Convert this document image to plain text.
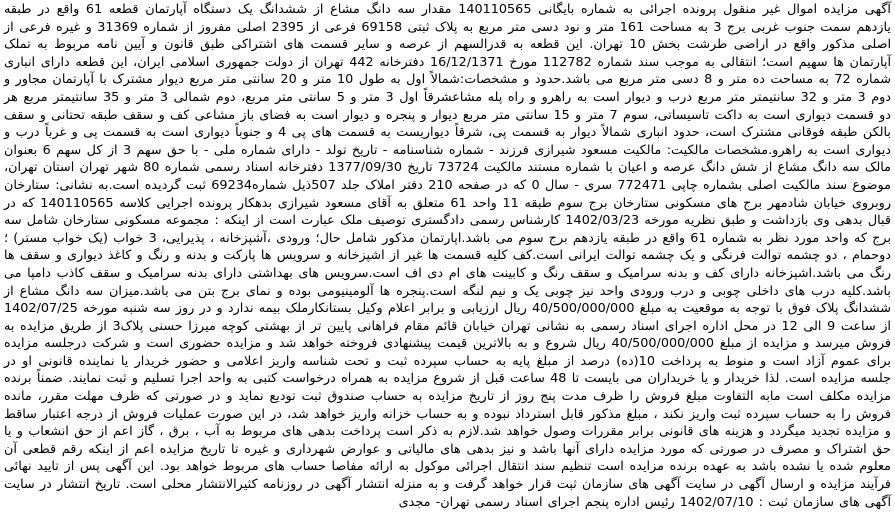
آگهی مزایده اموال غیر منقول پرونده اجرائی به شماره بایگانی 140110565 مقدار سه دانگ مشاع از ششدانگ یک دستگاه آپارتمان قطعه 61 واقع در طبقه یازدهم سمت جنوب غربی برج 3 به مساحت 161 متر و نود دسی متر مربع به پلاک ثبتی 69158 فرعی از 2395 اصلی مفروز از شماره 31369 و غیره فرعی از اصلی مذکور واقع در اراضی طرشت بخش 10 تهران. این قطعه به قدرالسهم از عرصه و سایر قسمت های اشتراکی طبق قانون و آیین نامه مربوط به تملک آپارتمان ها سهیم است؛ انتقالی به موجب سند شماره 112782 مورخ 16/12/1371 دفترخانه 442 تهران از دولت جمهوری اسلامی ایران، این قطعه دارای انباری شماره 72 به مساحت ده متر و 8 دسی متر مربع می باشد.حدود و مشخصات:شمالاً اول به طول 10 متر و 20 سانتی متر مربع دیوار مشترک با آپارتمان مجاور و دوم 3 متر و 32 سانتیمتر متر مربع درب و دیوار است به راهرو و راه پله مشاعشرقاً اول 3 متر و 5 سانتی متر مربع، دوم شمالی 3 متر و 35 سانتیمتر مربع هر دو قسمت دیواری است به داکت تاسیساتی، سوم 7 متر و 15 سانتی متر مربع دیوار و پنجره و دیوار است به فضای باز مشاعی کف و سقف طبقه تحتانی و سقف بالکن طبقه فوقانی مشترک است، حدود انباری شمالاً دیوار به قسمت پی، شرقاً دیواریست به قسمت های پی 4 و جنوباً دیواری است به قسمت پی و غرباً درب و دیواری است به راهرو.مشخصات مالکیت: مالکیت مسعود شیرازی فرزند - شماره شناسنامه - تاریخ تولد - دارای شماره ملی - با حق سهم 3 از کل سهم 6 بعنوان مالک سه دانگ مشاع از شش دانگ عرصه و اعیان با شماره مستند مالکیت 73724 تاریخ 1377/09/30 دفترخانه اسناد رسمی شماره 80 شهر تهران استان تهران، موضوع سند مالکیت اصلی بشماره چاپی 772471 سری - سال 0 که در صفحه 210 دفتر املاک جلد 507ذیل شماره69234 ثبت گردیده است.به نشانی: ستارخان روبروی خیابان شادمهر برج های مسکونی ستارخان برج سوم طبقه 11 واحد 61 متعلق به آقای مسعود شیرازی بدهکار پرونده اجرایی کلاسه 140110565 که در قبال بدهی وی بازداشت و طبق نظریه مورخه 1402/03/23 کارشناس رسمی دادگستری توصیف ملک عبارت است از اینکه : مجموعه مسکونی ستارخان شامل سه برج که واحد مورد نظر به شماره 61 واقع در طبقه یازدهم برج سوم می باشد.اپارتمان مذکور شامل حال؛ ورودی ،آشپزخانه ، پذیرایی، 3 خواب (یک خواب مستر) ؛ دوحمام ، دو چشمه توالت فرنگی و یک چشمه توالت ایرانی است.کف کلیه قسمت ها غیر از اشپزخانه و سرویس ها پارکت و بدنه و رنگ و کاغذ دیواری و سقف ها رنگ می باشد.اشپزخانه دارای کف و بدنه سرامیک و سقف رنگ و کابینت های ام دی اف است.سرویس های بهداشتی دارای بدنه سرامیک و سقف کاذب دامپا می باشد.کلیه درب های داخلی چوبی و درب ورودی واحد نیز چوبی یک و نیم لنگه است.پنجره ها آلومینیومی بوده و نمای برج بتن می باشد.میزان سه دانگ مشاع از ششدانگ پلاک فوق با توجه به موقعیت به مبلغ 40/500/000/000 ریال ارزیابی و برابر اعلام وکیل بستانکارملک بیمه ندارد و در روز سه شنبه مورخه 1402/07/25 از ساعت 9 الی 12 در محل اداره اجرای اسناد رسمی به نشانی تهران خیابان قائم مقام فراهانی پایین تر از بهشتی کوچه میرزا حسنی پلاک3 از طریق مزایده به فروش میرسد و مزایده از مبلغ 40/500/000/000 ریال شروع و به بالاترین قیمت پیشنهادی فروخته خواهد شد و مزایده حضوری است و شرکت درجلسه مزایده برای عموم آزاد است و منوط به پرداخت 10(ده) درصد از مبلغ پایه به حساب سپرده ثبت و تحت شناسه واریز اعلامی و حضور خریدار یا نماینده قانونی او در جلسه مزایده است. لذا خریدار و یا خریداران می بایست تا 48 ساعت قبل از شروع مزایده به همراه درخواست کتبی به واحد اجرا تسلیم و ثبت نمایند. ضمناً برنده مزایده مکلف است مابه التفاوت مبلغ فروش را ظرف مدت پنج روز از تاریخ مزایده به حساب صندوق ثبت تودیع نماید و در صورتی که ظرف مهلت مقرر، مانده فروش را به حساب سپرده ثبت واریز نکند ، مبلغ مذکور قابل استرداد نبوده و به حساب خزانه واریز خواهد شد، در این صورت عملیات فروش از درجه اعتبار ساقط و مزایده تجدید میگردد و هزینه های قانونی برابر مقررات وصول خواهد شد.لازم به ذکر است پرداخت بدهی های مربوط به آب ، برق ، گاز اعم از حق انشعاب و یا حق اشتراک و مصرف در صورتی که مورد مزایده دارای آنها باشد و نیز بدهی های مالیاتی و عوارض شهرداری و غیره تا تاریخ مزایده اعم از اینکه رقم قطعی آن معلوم شده یا نشده باشد به عهده برنده مزایده است تنظیم سند انتقال اجرائی موکول به ارائه مفاصا حساب های مربوط خواهد بود. این آگهی پس از تایید نهائی فرآیند مزایده و ارسال آگهی در سایت آگهی های سازمان ثبت قرار خواهد گرفت و به منزله انتشار آگهی در روزنامه کثیرالانتشار محلی است. تاریخ انتشار در سایت آگهی های سازمان ثبت : 1402/07/10 رئیس اداره پنجم اجرای اسناد رسمی تهران- مجدی
